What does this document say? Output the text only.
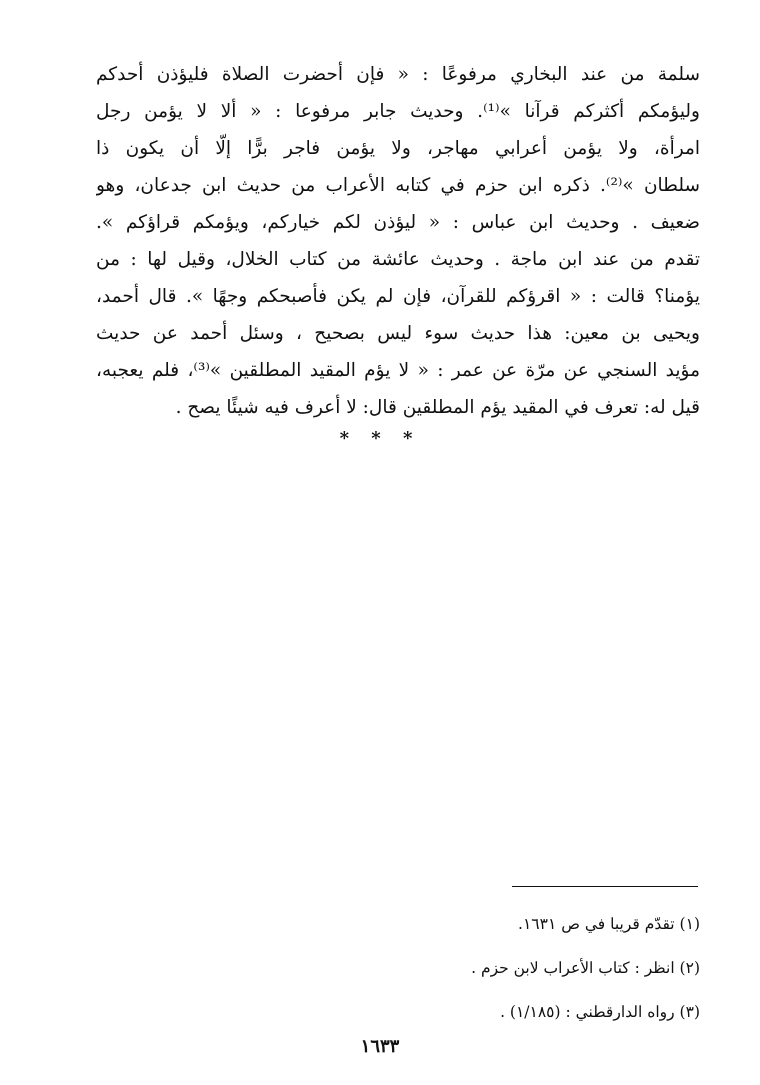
سلمة من عند البخاري مرفوعًا : « فإن أحضرت الصلاة فليؤذن أحدكم
وليؤمكم أكثركم قرآنا »⁽¹⁾. وحديث جابر مرفوعا : « ألا لا يؤمن رجل
امرأة، ولا يؤمن أعرابي مهاجر، ولا يؤمن فاجر برًّا إلّا أن يكون ذا
سلطان »⁽²⁾. ذكره ابن حزم في كتابه الأعراب من حديث ابن جدعان، وهو
ضعيف . وحديث ابن عباس : « ليؤذن لكم خياركم، ويؤمكم قراؤكم ».
تقدم من عند ابن ماجة . وحديث عائشة من كتاب الخلال، وقيل لها : من
يؤمنا؟ قالت : « اقرؤكم للقرآن، فإن لم يكن فأصبحكم وجهًا ». قال أحمد،
ويحيى بن معين: هذا حديث سوء ليس بصحيح ، وسئل أحمد عن حديث
مؤيد السنجي عن مرّة عن عمر : « لا يؤم المقيد المطلقين »⁽³⁾، فلم يعجبه،
قيل له: تعرف في المقيد يؤم المطلقين قال: لا أعرف فيه شيئًا يصح .
* * *
(١) تقدّم قريبا في ص ١٦٣١.
(٢) انظر : كتاب الأعراب لابن حزم .
(٣) رواه الدارقطني : (١/١٨٥) .
١٦٣٣
